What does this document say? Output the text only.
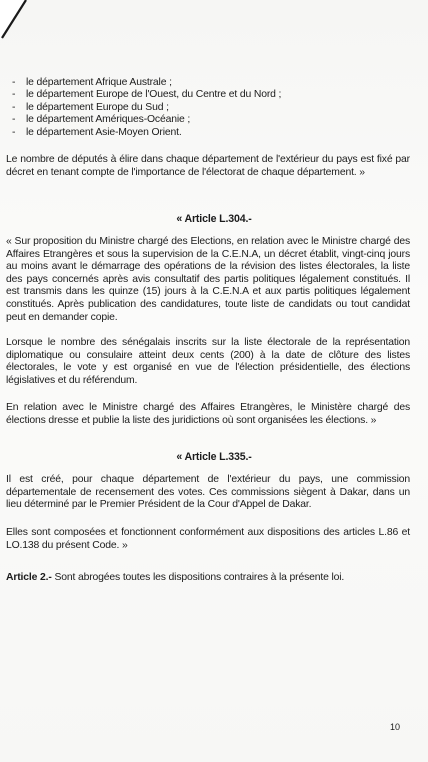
- le département Afrique Australe ;
- le département Europe de l'Ouest, du Centre et du Nord ;
- le département Europe du Sud ;
- le département Amériques-Océanie ;
- le département Asie-Moyen Orient.

Le nombre de députés à élire dans chaque département de l'extérieur du pays est fixé par décret en tenant compte de l'importance de l'électorat de chaque département. »

« Article L.304.-

« Sur proposition du Ministre chargé des Elections, en relation avec le Ministre chargé des Affaires Etrangères et sous la supervision de la C.E.N.A, un décret établit, vingt-cinq jours au moins avant le démarrage des opérations de la révision des listes électorales, la liste des pays concernés après avis consultatif des partis politiques légalement constitués. Il est transmis dans les quinze (15) jours à la C.E.N.A et aux partis politiques légalement constitués. Après publication des candidatures, toute liste de candidats ou tout candidat peut en demander copie.

Lorsque le nombre des sénégalais inscrits sur la liste électorale de la représentation diplomatique ou consulaire atteint deux cents (200) à la date de clôture des listes électorales, le vote y est organisé en vue de l'élection présidentielle, des élections législatives et du référendum.

En relation avec le Ministre chargé des Affaires Etrangères, le Ministère chargé des élections dresse et publie la liste des juridictions où sont organisées les élections. »

« Article L.335.-

Il est créé, pour chaque département de l'extérieur du pays, une commission départementale de recensement des votes. Ces commissions siègent à Dakar, dans un lieu déterminé par le Premier Président de la Cour d'Appel de Dakar.

Elles sont composées et fonctionnent conformément aux dispositions des articles L.86 et LO.138 du présent Code. »

Article 2.- Sont abrogées toutes les dispositions contraires à la présente loi.

10
